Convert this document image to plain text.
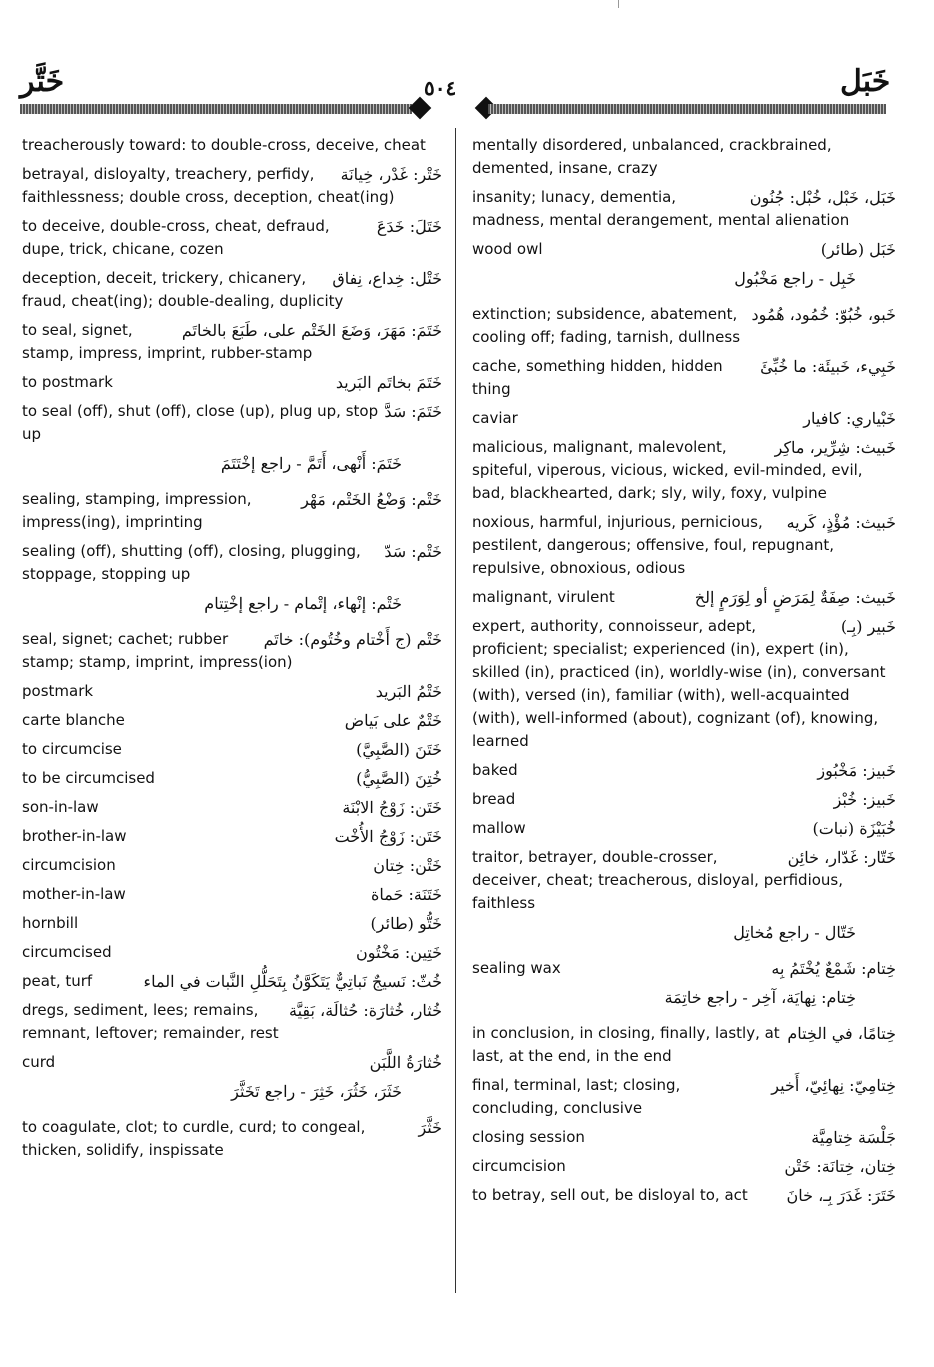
خَتَّر	٥٠٤	خَبَل
treacherously toward: to double-cross, deceive, cheat
خَتْر: غَدْر، خِيانَة
betrayal, disloyalty, treachery, perfidy, faithlessness; double cross, deception, cheat(ing)
خَتَلَ: خَدَعَ
to deceive, double-cross, cheat, defraud, dupe, trick, chicane, cozen
خَتْل: خِداع، نِفاق
deception, deceit, trickery, chicanery, fraud, cheat(ing); double-dealing, duplicity
خَتَمَ: مَهَرَ، وَضَعَ الخَتْم على، طَبَعَ بالخاتَم
to seal, signet, stamp, impress, imprint, rubber-stamp
خَتَمَ بخاتَم البَريد
to postmark
خَتَمَ: سَدَّ
to seal (off), shut (off), close (up), plug up, stop up
خَتَمَ: أَنْهى، أَتَمَّ - راجع إخْتَتَمَ
خَتْم: وَضْعُ الخَتْم، مَهْر
sealing, stamping, impression, impress(ing), imprinting
خَتْم: سَدّ
sealing (off), shutting (off), closing, plugging, stoppage, stopping up
خَتْم: إنْهاء، إتْمام - راجع إخْتِتام
خَتْم (ج أَخْتام وخُتُوم): خاتَم
seal, signet; cachet; rubber stamp; stamp, imprint, impress(ion)
خَتْمُ البَريد
postmark
خَتْمٌ على بَياض
carte blanche
خَتَنَ (الصَّبِيَّ)
to circumcise
خُتِنَ (الصَّبِيُّ)
to be circumcised
خَتَن: زَوْجُ الابْنَة
son-in-law
خَتَن: زَوْجُ الأُخْت
brother-in-law
خَتْن: خِتان
circumcision
خَتَنَة: حَماة
mother-in-law
خَتُّو (طائر)
hornbill
خَتِين: مَخْتُون
circumcised
خُثّ: نَسيجٌ نَباتِيٌّ يَتَكَوَّنُ بِتَحَلُّلِ النَّبات في الماء
peat, turf
خُثار، خُثارَة: حُثالَة، بَقِيَّة
dregs, sediment, lees; remains, remnant, leftover; remainder, rest
خُثارَةُ اللَّبَن
curd
خَثَرَ، خَثُرَ، خَثِرَ - راجع تَخَثَّرَ
خَثَّرَ
to coagulate, clot; to curdle, curd; to congeal, thicken, solidify, inspissate
mentally disordered, unbalanced, crackbrained, demented, insane, crazy
خَبَل، خَبْل، خُبْل: جُنُون
insanity; lunacy, dementia, madness, mental derangement, mental alienation
خَبَل (طائر)
wood owl
خَبِل - راجع مَخْبُول
خَبو، خُبُوّ: خُمُود، هُمُود
extinction; subsidence, abatement, cooling off; fading, tarnish, dullness
خَبِيء، خَبيئَة: ما خُبِّئَ
cache, something hidden, hidden thing
خَبْياري: كافيار
caviar
خَبيث: شِرِّير، ماكِر
malicious, malignant, malevolent, spiteful, viperous, vicious, wicked, evil-minded, evil, bad, blackhearted, dark; sly, wily, foxy, vulpine
خَبيث: مُؤْذٍ، كَريه
noxious, harmful, injurious, pernicious, pestilent, dangerous; offensive, foul, repugnant, repulsive, obnoxious, odious
خَبيث: صِفَةٌ لِمَرَضٍ أو لِوَرَمٍ إلخ
malignant, virulent
خَبير (بِـ)
expert, authority, connoisseur, adept, proficient; specialist; experienced (in), expert (in), skilled (in), practiced (in), worldly-wise (in), conversant (with), versed (in), familiar (with), well-acquainted (with), well-informed (about), cognizant (of), knowing, learned
خَبيز: مَخْبُوز
baked
خَبيز: خُبْز
bread
خُبَيْزَة (نبات)
mallow
خَتّار: غَدّار، خائِن
traitor, betrayer, double-crosser, deceiver, cheat; treacherous, disloyal, perfidious, faithless
خَتّال - راجع مُخاتِل
خِتام: شَمْعٌ يُخْتَمُ بِه
sealing wax
خِتام: نِهايَة، آخِر - راجع خاتِمَة
خِتامًا، في الخِتام
in conclusion, in closing, finally, lastly, at last, at the end, in the end
خِتامِيّ: نِهائِيّ، أَخير
final, terminal, last; closing, concluding, conclusive
جَلْسَة خِتامِيَّة
closing session
خِتان، خِتانَة: خَتْن
circumcision
خَتَرَ: غَدَرَ بِـ، خانَ
to betray, sell out, be disloyal to, act
